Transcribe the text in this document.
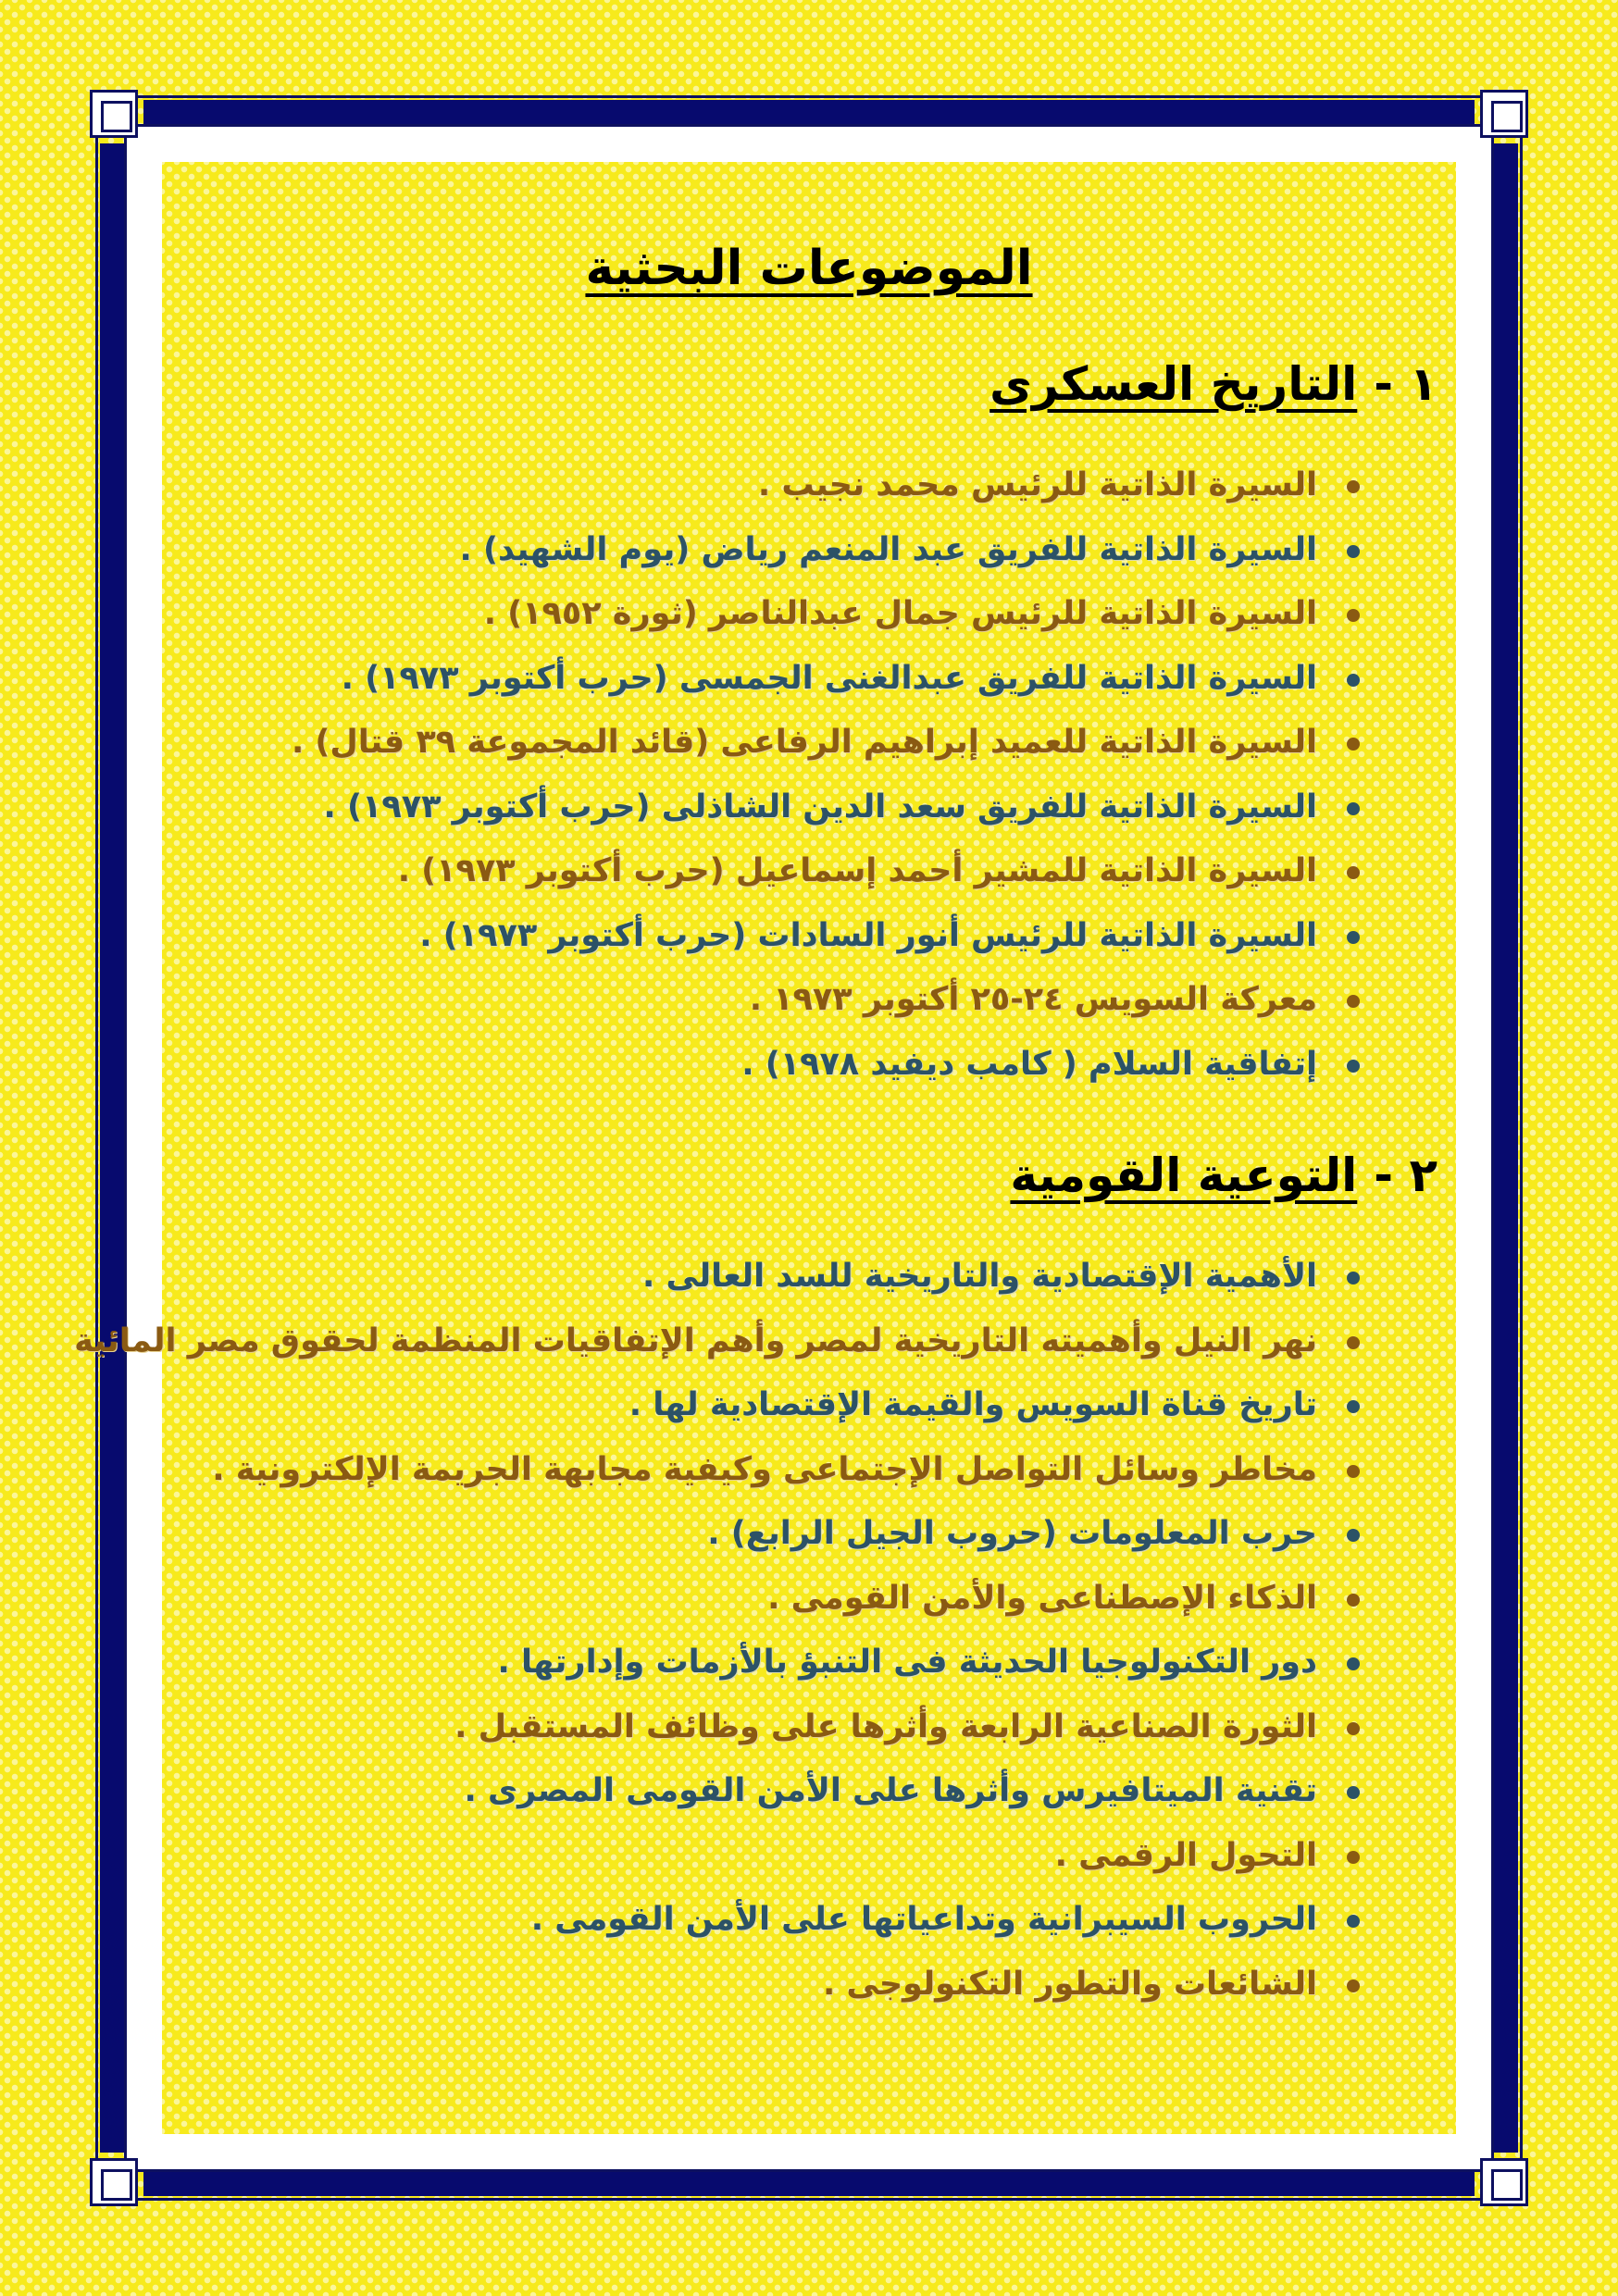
الموضوعات البحثية
١ -التاريخ العسكرى
السيرة الذاتية للرئيس محمد نجيب .
السيرة الذاتية للفريق عبد المنعم رياض (يوم الشهيد) .
السيرة الذاتية للرئيس جمال عبدالناصر (ثورة ١٩٥٢) .
السيرة الذاتية للفريق عبدالغنى الجمسى (حرب أكتوبر ١٩٧٣) .
السيرة الذاتية للعميد إبراهيم الرفاعى (قائد المجموعة ٣٩ قتال) .
السيرة الذاتية للفريق سعد الدين الشاذلى (حرب أكتوبر ١٩٧٣) .
السيرة الذاتية للمشير أحمد إسماعيل (حرب أكتوبر ١٩٧٣) .
السيرة الذاتية للرئيس أنور السادات (حرب أكتوبر ١٩٧٣) .
معركة السويس ٢٤-٢٥ أكتوبر ١٩٧٣ .
إتفاقية السلام ( كامب ديفيد ١٩٧٨) .
٢ -التوعية القومية
الأهمية الإقتصادية والتاريخية للسد العالى .
نهر النيل وأهميته التاريخية لمصر وأهم الإتفاقيات المنظمة لحقوق مصر المائية
تاريخ قناة السويس والقيمة الإقتصادية لها .
مخاطر وسائل التواصل الإجتماعى وكيفية مجابهة الجريمة الإلكترونية .
حرب المعلومات (حروب الجيل الرابع) .
الذكاء الإصطناعى والأمن القومى .
دور التكنولوجيا الحديثة فى التنبؤ بالأزمات وإدارتها .
الثورة الصناعية الرابعة وأثرها على وظائف المستقبل .
تقنية الميتافيرس وأثرها على الأمن القومى المصرى .
التحول الرقمى .
الحروب السيبرانية وتداعياتها على الأمن القومى .
الشائعات والتطور التكنولوجى .
